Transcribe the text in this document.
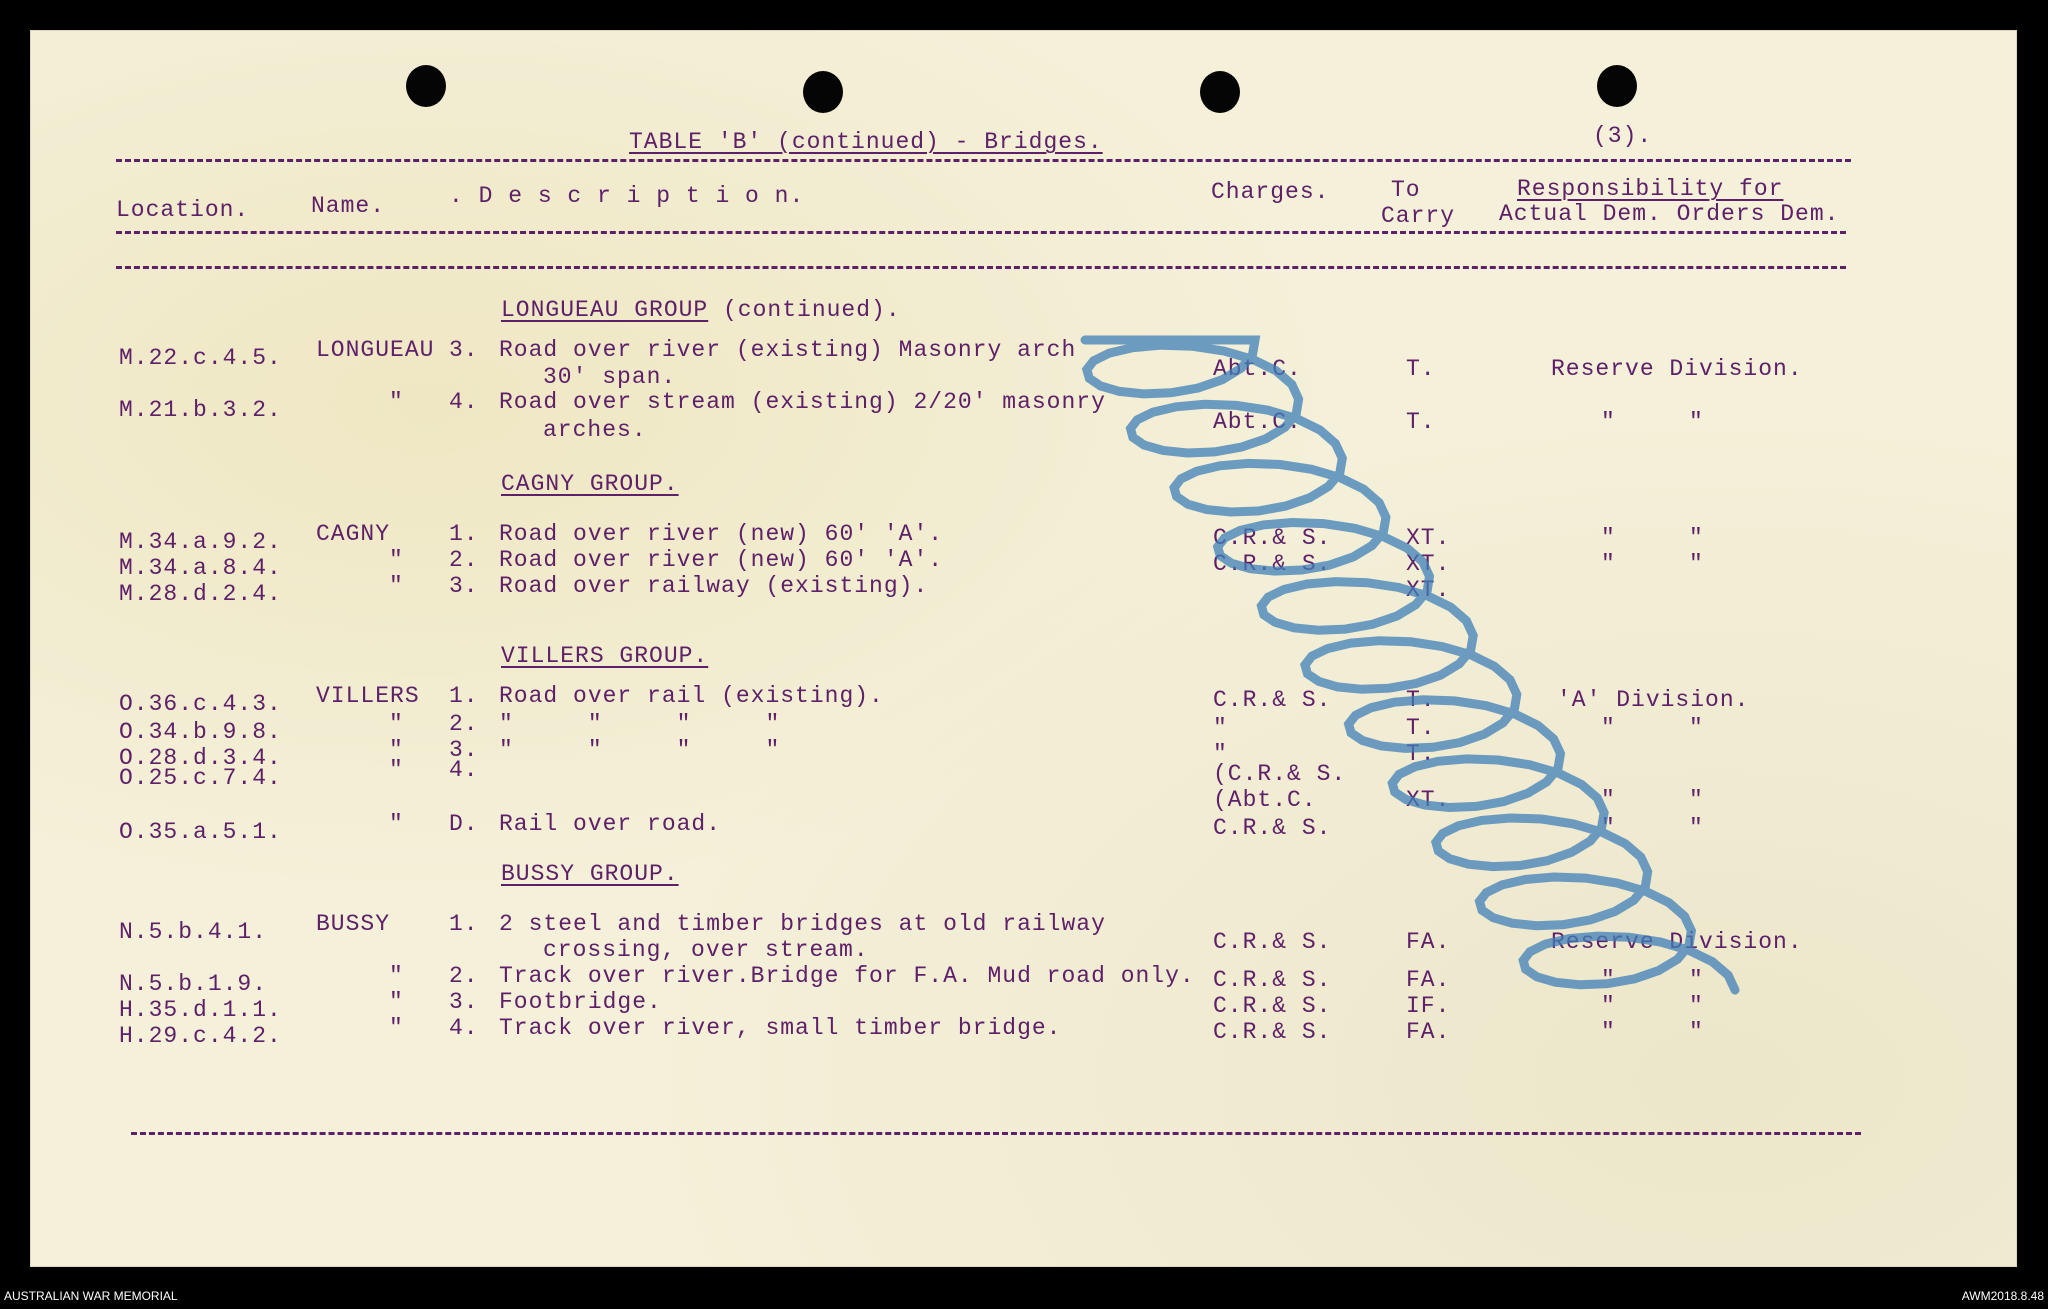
TABLE 'B' (continued) - Bridges.	(3).
Location.	Name.	. D e s c r i p t i o n.	Charges.	To
Carry
Responsibility for
Actual Dem. Orders Dem.
LONGUEAU GROUP (continued).
M.22.c.4.5. LONGUEAU 3. Road over river (existing) Masonry arch
30' span.	Abt.C.	T.	Reserve Division.
M.21.b.3.2.	" 4. Road over stream (existing) 2/20' masonry
arches.	Abt.C.	T.	"	"
CAGNY GROUP.
M.34.a.9.2. CAGNY	1. Road over river (new) 60' 'A'.	C.R.& S.	XT.	"	"
M.34.a.8.4.	" 2. Road over river (new) 60' 'A'.	C.R.& S.	XT.	"	"
M.28.d.2.4.	" 3. Road over railway (existing).	XT.
VILLERS GROUP.
O.36.c.4.3. VILLERS 1. Road over rail (existing).	C.R.& S.	T.	'A' Division.
O.34.b.9.8.	" 2. "     "     "     "	"	T.	"	"
O.28.d.3.4.	" 3. "     "     "     "	"	T.
O.25.c.7.4.	" 4.	(C.R.& S.
(Abt.C.	XT.	"	"
O.35.a.5.1.	" D. Rail over road.	C.R.& S.	"	"
BUSSY GROUP.
N.5.b.4.1. BUSSY	1. 2 steel and timber bridges at old railway
crossing, over stream.	C.R.& S.	FA.	Reserve Division.
N.5.b.1.9.	" 2. Track over river.Bridge for F.A. Mud road only. C.R.& S.	FA.	"	"
H.35.d.1.1.	" 3. Footbridge.	C.R.& S.	IF.	"	"
H.29.c.4.2.	" 4. Track over river, small timber bridge.	C.R.& S.	FA.	"	"
AUSTRALIAN WAR MEMORIAL	AWM2018.8.48
